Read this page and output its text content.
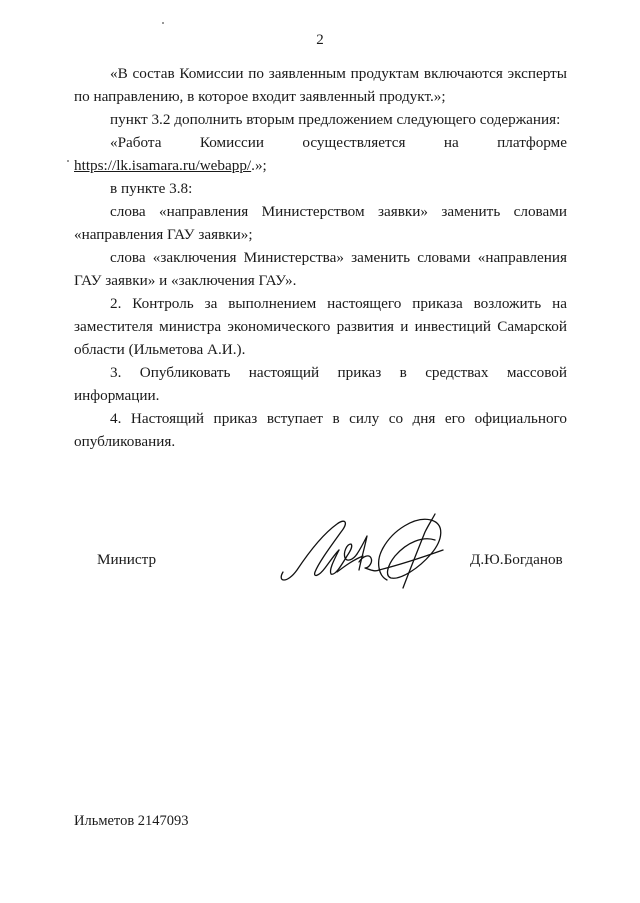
2

«В состав Комиссии по заявленным продуктам включаются эксперты по направлению, в которое входит заявленный продукт.»;

пункт 3.2 дополнить вторым предложением следующего содержания:

«Работа Комиссии осуществляется на платформе https://lk.isamara.ru/webapp/.»;

в пункте 3.8:

слова «направления Министерством заявки» заменить словами «направления ГАУ заявки»;

слова «заключения Министерства» заменить словами «направления ГАУ заявки» и «заключения ГАУ».

2. Контроль за выполнением настоящего приказа возложить на заместителя министра экономического развития и инвестиций Самарской области (Ильметова А.И.).

3. Опубликовать настоящий приказ в средствах массовой информации.

4. Настоящий приказ вступает в силу со дня его официального опубликования.

Министр	Д.Ю.Богданов
Ильметов 2147093
